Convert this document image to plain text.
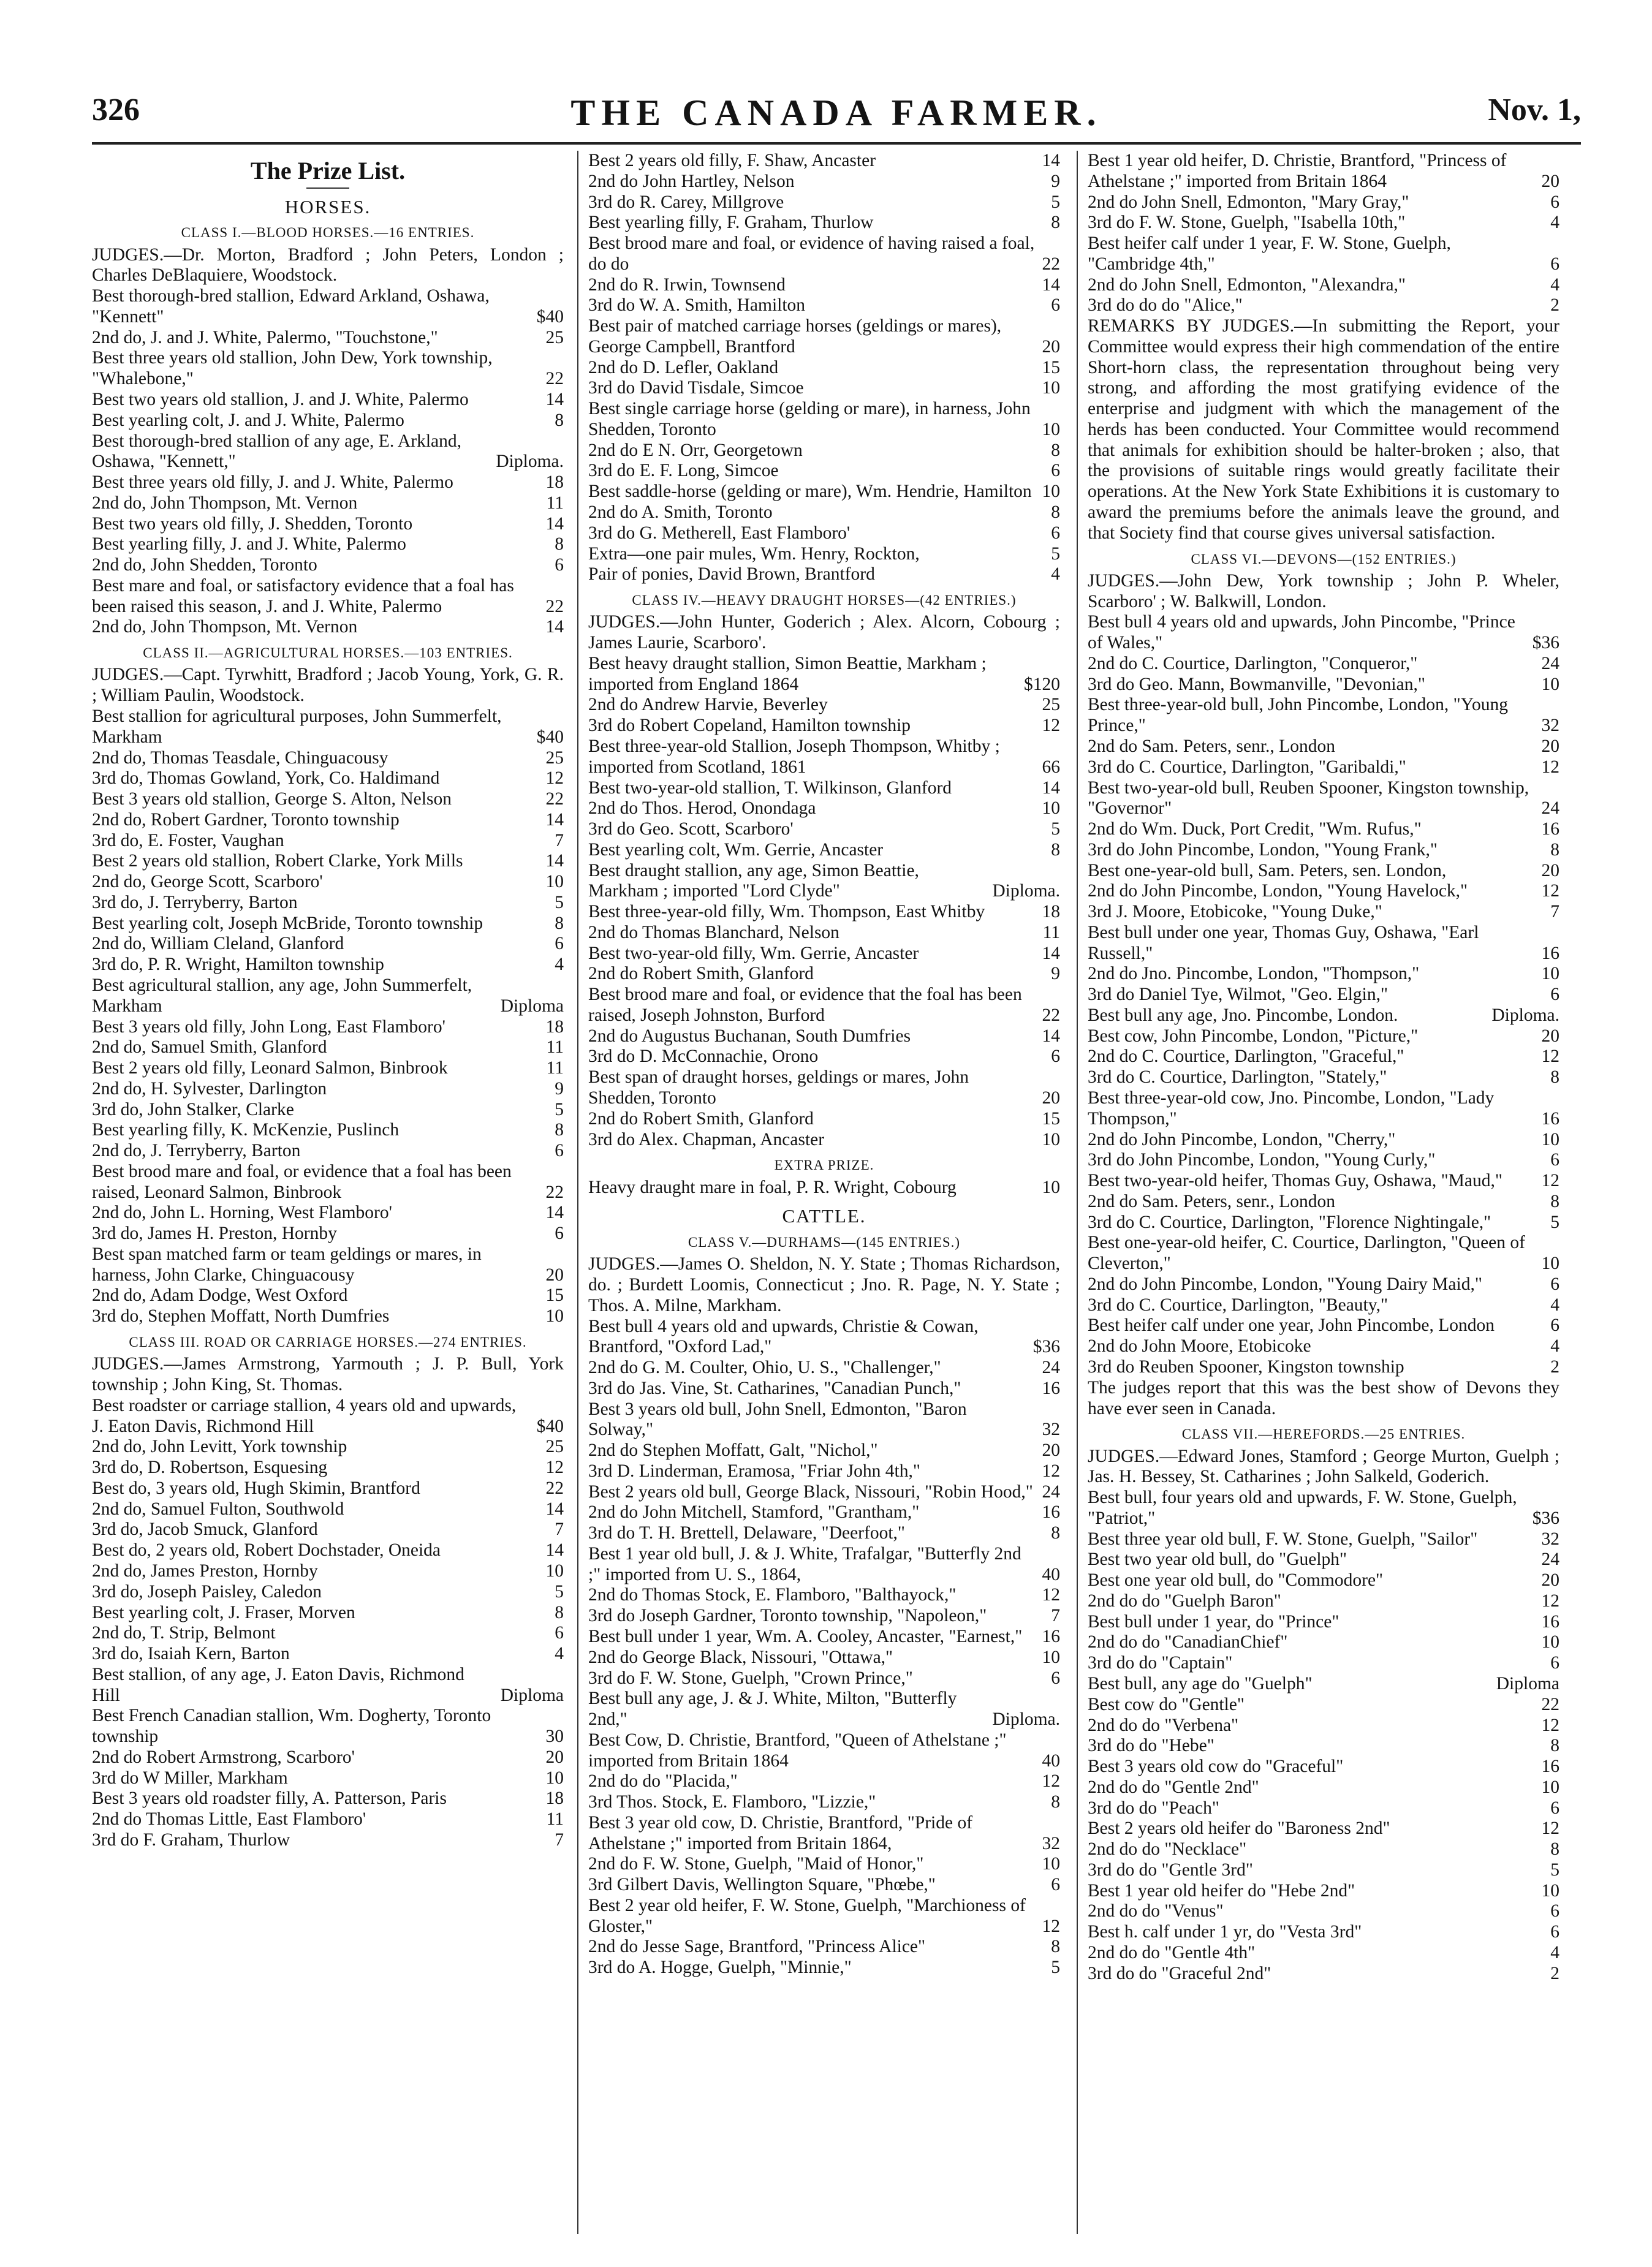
326	THE CANADA FARMER.	Nov. 1,
The Prize List.
HORSES.
CLASS I.—BLOOD HORSES.—16 ENTRIES.

JUDGES.—Dr. Morton, Bradford ; John Peters, London ; Charles DeBlaquiere, Woodstock.

Best thorough-bred stallion, Edward Arkland, Oshawa, "Kennett"	$40
2nd do, J. and J. White, Palermo, "Touchstone,"	25
Best three years old stallion, John Dew, York township, "Whalebone,"	22
Best two years old stallion, J. and J. White, Palermo	14
Best yearling colt, J. and J. White, Palermo	8
Best thorough-bred stallion of any age, E. Arkland, Oshawa, "Kennett,"	Diploma.
Best three years old filly, J. and J. White, Palermo	18
2nd do, John Thompson, Mt. Vernon	11
Best two years old filly, J. Shedden, Toronto	14
Best yearling filly, J. and J. White, Palermo	8
2nd do, John Shedden, Toronto	6
Best mare and foal, or satisfactory evidence that a foal has been raised this season, J. and J. White, Palermo	22
2nd do, John Thompson, Mt. Vernon	14
CLASS II.—AGRICULTURAL HORSES.—103 ENTRIES.

JUDGES.—Capt. Tyrwhitt, Bradford ; Jacob Young, York, G. R. ; William Paulin, Woodstock.

Best stallion for agricultural purposes, John Summerfelt, Markham	$40
2nd do, Thomas Teasdale, Chinguacousy	25
3rd do, Thomas Gowland, York, Co. Haldimand	12
Best 3 years old stallion, George S. Alton, Nelson	22
2nd do, Robert Gardner, Toronto township	14
3rd do, E. Foster, Vaughan	7
Best 2 years old stallion, Robert Clarke, York Mills	14
2nd do, George Scott, Scarboro'	10
3rd do, J. Terryberry, Barton	5
Best yearling colt, Joseph McBride, Toronto township	8
2nd do, William Cleland, Glanford	6
3rd do, P. R. Wright, Hamilton township	4
Best agricultural stallion, any age, John Summerfelt, Markham	Diploma
Best 3 years old filly, John Long, East Flamboro'	18
2nd do, Samuel Smith, Glanford	11
Best 2 years old filly, Leonard Salmon, Binbrook	11
2nd do, H. Sylvester, Darlington	9
3rd do, John Stalker, Clarke	5
Best yearling filly, K. McKenzie, Puslinch	8
2nd do, J. Terryberry, Barton	6
Best brood mare and foal, or evidence that a foal has been raised, Leonard Salmon, Binbrook	22
2nd do, John L. Horning, West Flamboro'	14
3rd do, James H. Preston, Hornby	6
Best span matched farm or team geldings or mares, in harness, John Clarke, Chinguacousy	20
2nd do, Adam Dodge, West Oxford	15
3rd do, Stephen Moffatt, North Dumfries	10
CLASS III. ROAD OR CARRIAGE HORSES.—274 ENTRIES.

JUDGES.—James Armstrong, Yarmouth ; J. P. Bull, York township ; John King, St. Thomas.

Best roadster or carriage stallion, 4 years old and upwards, J. Eaton Davis, Richmond Hill	$40
2nd do, John Levitt, York township	25
3rd do, D. Robertson, Esquesing	12
Best do, 3 years old, Hugh Skimin, Brantford	22
2nd do, Samuel Fulton, Southwold	14
3rd do, Jacob Smuck, Glanford	7
Best do, 2 years old, Robert Dochstader, Oneida	14
2nd do, James Preston, Hornby	10
3rd do, Joseph Paisley, Caledon	5
Best yearling colt, J. Fraser, Morven	8
2nd do, T. Strip, Belmont	6
3rd do, Isaiah Kern, Barton	4
Best stallion, of any age, J. Eaton Davis, Richmond Hill	Diploma
Best French Canadian stallion, Wm. Dogherty, Toronto township	30
2nd do Robert Armstrong, Scarboro'	20
3rd do W Miller, Markham	10
Best 3 years old roadster filly, A. Patterson, Paris	18
2nd do Thomas Little, East Flamboro'	11
3rd do F. Graham, Thurlow	7
Best 2 years old filly, F. Shaw, Ancaster	14
2nd do John Hartley, Nelson	9
3rd do R. Carey, Millgrove	5
Best yearling filly, F. Graham, Thurlow	8
Best brood mare and foal, or evidence of having raised a foal, do do	22
2nd do R. Irwin, Townsend	14
3rd do W. A. Smith, Hamilton	6
Best pair of matched carriage horses (geldings or mares), George Campbell, Brantford	20
2nd do D. Lefler, Oakland	15
3rd do David Tisdale, Simcoe	10
Best single carriage horse (gelding or mare), in harness, John Shedden, Toronto	10
2nd do E N. Orr, Georgetown	8
3rd do E. F. Long, Simcoe	6
Best saddle-horse (gelding or mare), Wm. Hendrie, Hamilton 10
2nd do A. Smith, Toronto	8
3rd do G. Metherell, East Flamboro'	6
Extra—one pair mules, Wm. Henry, Rockton,	5
Pair of ponies, David Brown, Brantford	4
CLASS IV.—HEAVY DRAUGHT HORSES—(42 ENTRIES.)

JUDGES.—John Hunter, Goderich ; Alex. Alcorn, Cobourg ; James Laurie, Scarboro'.

Best heavy draught stallion, Simon Beattie, Markham ; imported from England 1864	$120
2nd do Andrew Harvie, Beverley	25
3rd do Robert Copeland, Hamilton township	12
Best three-year-old Stallion, Joseph Thompson, Whitby ; imported from Scotland, 1861	66
Best two-year-old stallion, T. Wilkinson, Glanford	14
2nd do Thos. Herod, Onondaga	10
3rd do Geo. Scott, Scarboro'	5
Best yearling colt, Wm. Gerrie, Ancaster	8
Best draught stallion, any age, Simon Beattie, Markham ; imported "Lord Clyde"	Diploma.
Best three-year-old filly, Wm. Thompson, East Whitby	18
2nd do Thomas Blanchard, Nelson	11
Best two-year-old filly, Wm. Gerrie, Ancaster	14
2nd do Robert Smith, Glanford	9
Best brood mare and foal, or evidence that the foal has been raised, Joseph Johnston, Burford	22
2nd do Augustus Buchanan, South Dumfries	14
3rd do D. McConnachie, Orono	6
Best span of draught horses, geldings or mares, John Shedden, Toronto	20
2nd do Robert Smith, Glanford	15
3rd do Alex. Chapman, Ancaster	10
EXTRA PRIZE.
Heavy draught mare in foal, P. R. Wright, Cobourg	10
CATTLE.
CLASS V.—DURHAMS—(145 ENTRIES.)

JUDGES.—James O. Sheldon, N. Y. State ; Thomas Richardson, do. ; Burdett Loomis, Connecticut ; Jno. R. Page, N. Y. State ; Thos. A. Milne, Markham.

Best bull 4 years old and upwards, Christie & Cowan, Brantford, "Oxford Lad,"	$36
2nd do G. M. Coulter, Ohio, U. S., "Challenger,"	24
3rd do Jas. Vine, St. Catharines, "Canadian Punch,"	16
Best 3 years old bull, John Snell, Edmonton, "Baron Solway,"	32
2nd do Stephen Moffatt, Galt, "Nichol,"	20
3rd D. Linderman, Eramosa, "Friar John 4th,"	12
Best 2 years old bull, George Black, Nissouri, "Robin Hood," 24
2nd do John Mitchell, Stamford, "Grantham,"	16
3rd do T. H. Brettell, Delaware, "Deerfoot,"	8
Best 1 year old bull, J. & J. White, Trafalgar, "Butterfly 2nd ;" imported from U. S., 1864,	40
2nd do Thomas Stock, E. Flamboro, "Balthayock,"	12
3rd do Joseph Gardner, Toronto township, "Napoleon,"	7
Best bull under 1 year, Wm. A. Cooley, Ancaster, "Earnest,"	16
2nd do George Black, Nissouri, "Ottawa,"	10
3rd do F. W. Stone, Guelph, "Crown Prince,"	6
Best bull any age, J. & J. White, Milton, "Butterfly 2nd,"	Diploma.
Best Cow, D. Christie, Brantford, "Queen of Athelstane ;" imported from Britain 1864	40
2nd do do "Placida,"	12
3rd Thos. Stock, E. Flamboro, "Lizzie,"	8
Best 3 year old cow, D. Christie, Brantford, "Pride of Athelstane ;" imported from Britain 1864,	32
2nd do F. W. Stone, Guelph, "Maid of Honor,"	10
3rd Gilbert Davis, Wellington Square, "Phœbe,"	6
Best 2 year old heifer, F. W. Stone, Guelph, "Marchioness of Gloster,"	12
2nd do Jesse Sage, Brantford, "Princess Alice"	8
3rd do A. Hogge, Guelph, "Minnie,"	5
Best 1 year old heifer, D. Christie, Brantford, "Princess of Athelstane ;" imported from Britain 1864	20
2nd do John Snell, Edmonton, "Mary Gray,"	6
3rd do F. W. Stone, Guelph, "Isabella 10th,"	4
Best heifer calf under 1 year, F. W. Stone, Guelph, "Cambridge 4th,"	6
2nd do John Snell, Edmonton, "Alexandra,"	4
3rd do do do "Alice,"	2

REMARKS BY JUDGES.—In submitting the Report, your Committee would express their high commendation of the entire Short-horn class, the representation throughout being very strong, and affording the most gratifying evidence of the enterprise and judgment with which the management of the herds has been conducted. Your Committee would recommend that animals for exhibition should be halter-broken ; also, that the provisions of suitable rings would greatly facilitate their operations. At the New York State Exhibitions it is customary to award the premiums before the animals leave the ground, and that Society find that course gives universal satisfaction.

CLASS VI.—DEVONS—(152 ENTRIES.)

JUDGES.—John Dew, York township ; John P. Wheler, Scarboro' ; W. Balkwill, London.

Best bull 4 years old and upwards, John Pincombe, "Prince of Wales,"	$36
2nd do C. Courtice, Darlington, "Conqueror,"	24
3rd do Geo. Mann, Bowmanville, "Devonian,"	10
Best three-year-old bull, John Pincombe, London, "Young Prince,"	32
2nd do Sam. Peters, senr., London	20
3rd do C. Courtice, Darlington, "Garibaldi,"	12
Best two-year-old bull, Reuben Spooner, Kingston township, "Governor"	24
2nd do Wm. Duck, Port Credit, "Wm. Rufus,"	16
3rd do John Pincombe, London, "Young Frank,"	8
Best one-year-old bull, Sam. Peters, sen. London,	20
2nd do John Pincombe, London, "Young Havelock,"	12
3rd J. Moore, Etobicoke, "Young Duke,"	7
Best bull under one year, Thomas Guy, Oshawa, "Earl Russell,"	16
2nd do Jno. Pincombe, London, "Thompson,"	10
3rd do Daniel Tye, Wilmot, "Geo. Elgin,"	6
Best bull any age, Jno. Pincombe, London.	Diploma.
Best cow, John Pincombe, London, "Picture,"	20
2nd do C. Courtice, Darlington, "Graceful,"	12
3rd do C. Courtice, Darlington, "Stately,"	8
Best three-year-old cow, Jno. Pincombe, London, "Lady Thompson,"	16
2nd do John Pincombe, London, "Cherry,"	10
3rd do John Pincombe, London, "Young Curly,"	6
Best two-year-old heifer, Thomas Guy, Oshawa, "Maud,"	12
2nd do Sam. Peters, senr., London	8
3rd do C. Courtice, Darlington, "Florence Nightingale,"	5
Best one-year-old heifer, C. Courtice, Darlington, "Queen of Cleverton,"	10
2nd do John Pincombe, London, "Young Dairy Maid,"	6
3rd do C. Courtice, Darlington, "Beauty,"	4
Best heifer calf under one year, John Pincombe, London	6
2nd do John Moore, Etobicoke	4
3rd do Reuben Spooner, Kingston township	2

The judges report that this was the best show of Devons they have ever seen in Canada.

CLASS VII.—HEREFORDS.—25 ENTRIES.

JUDGES.—Edward Jones, Stamford ; George Murton, Guelph ; Jas. H. Bessey, St. Catharines ; John Salkeld, Goderich.

Best bull, four years old and upwards, F. W. Stone, Guelph, "Patriot,"	$36
Best three year old bull, F. W. Stone, Guelph, "Sailor"	32
Best two year old bull, do "Guelph"	24
Best one year old bull, do "Commodore"	20
2nd do do "Guelph Baron"	12
Best bull under 1 year, do "Prince"	16
2nd do do "CanadianChief"	10
3rd do do "Captain"	6
Best bull, any age do "Guelph"	Diploma
Best cow do "Gentle"	22
2nd do do "Verbena"	12
3rd do do "Hebe"	8
Best 3 years old cow do "Graceful"	16
2nd do do "Gentle 2nd"	10
3rd do do "Peach"	6
Best 2 years old heifer do "Baroness 2nd"	12
2nd do do "Necklace"	8
3rd do do "Gentle 3rd"	5
Best 1 year old heifer do "Hebe 2nd"	10
2nd do do "Venus"	6
Best h. calf under 1 yr, do "Vesta 3rd"	6
2nd do do "Gentle 4th"	4
3rd do do "Graceful 2nd"	2
